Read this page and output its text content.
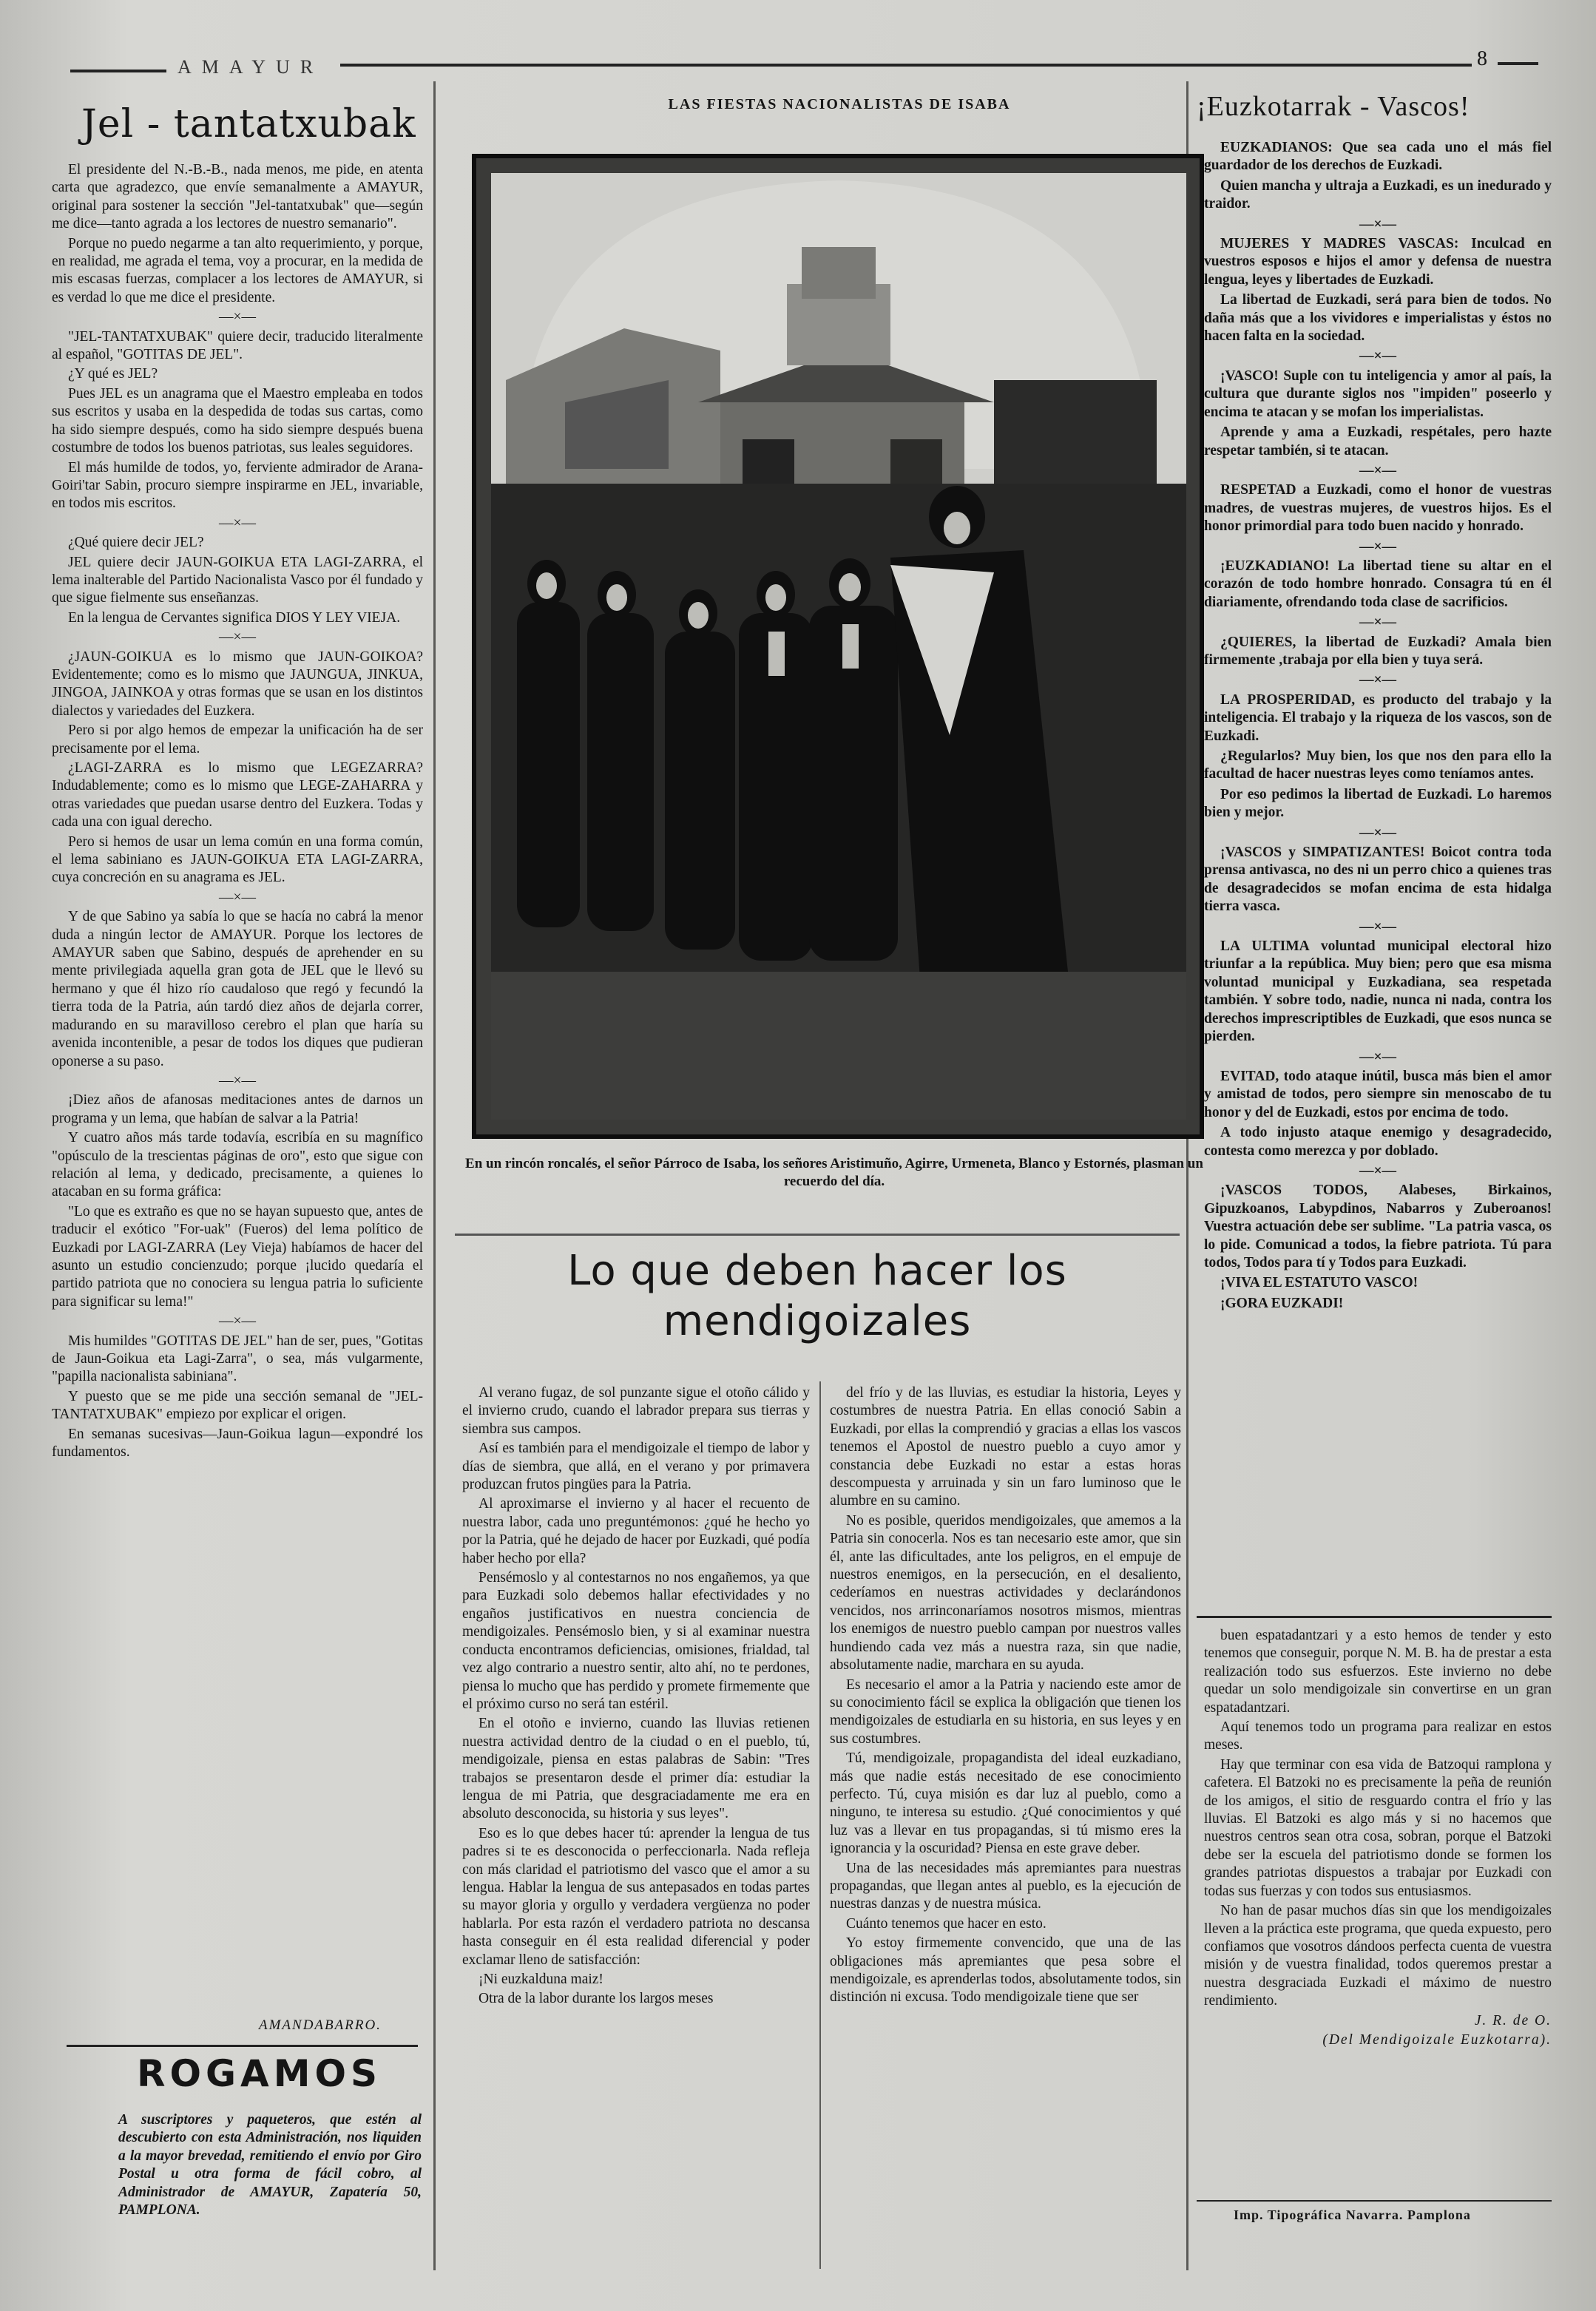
AMAYUR	8
Jel - tantatxubak

El presidente del N.-B.-B., nada menos, me pide, en atenta carta que agradezco, que envíe semanalmente a AMAYUR, original para sostener la sección "Jel-tantatxubak" que—según me dice—tanto agrada a los lectores de nuestro semanario".

Porque no puedo negarme a tan alto requerimiento, y porque, en realidad, me agrada el tema, voy a procurar, en la medida de mis escasas fuerzas, complacer a los lectores de AMAYUR, si es verdad lo que me dice el presidente.

—×—

"JEL-TANTATXUBAK" quiere decir, traducido literalmente al español, "GOTITAS DE JEL".

¿Y qué es JEL?

Pues JEL es un anagrama que el Maestro empleaba en todos sus escritos y usaba en la despedida de todas sus cartas, como ha sido siempre después, como ha sido siempre después buena costumbre de todos los buenos patriotas, sus leales seguidores.

El más humilde de todos, yo, ferviente admirador de Arana-Goiri'tar Sabin, procuro siempre inspirarme en JEL, invariable, en todos mis escritos.

—×—

¿Qué quiere decir JEL?

JEL quiere decir JAUN-GOIKUA ETA LAGI-ZARRA, el lema inalterable del Partido Nacionalista Vasco por él fundado y que sigue fielmente sus enseñanzas.

En la lengua de Cervantes significa DIOS Y LEY VIEJA.

—×—

¿JAUN-GOIKUA es lo mismo que JAUN-GOIKOA? Evidentemente; como es lo mismo que JAUNGUA, JINKUA, JINGOA, JAINKOA y otras formas que se usan en los distintos dialectos y variedades del Euzkera.

Pero si por algo hemos de empezar la unificación ha de ser precisamente por el lema.

¿LAGI-ZARRA es lo mismo que LEGEZARRA? Indudablemente; como es lo mismo que LEGE-ZAHARRA y otras variedades que puedan usarse dentro del Euzkera. Todas y cada una con igual derecho.

Pero si hemos de usar un lema común en una forma común, el lema sabiniano es JAUN-GOIKUA ETA LAGI-ZARRA, cuya concreción en su anagrama es JEL.

—×—

Y de que Sabino ya sabía lo que se hacía no cabrá la menor duda a ningún lector de AMAYUR. Porque los lectores de AMAYUR saben que Sabino, después de aprehender en su mente privilegiada aquella gran gota de JEL que le llevó su hermano y que él hizo río caudaloso que regó y fecundó la tierra toda de la Patria, aún tardó diez años de dejarla correr, madurando en su maravilloso cerebro el plan que haría su avenida incontenible, a pesar de todos los diques que pudieran oponerse a su paso.

—×—

¡Diez años de afanosas meditaciones antes de darnos un programa y un lema, que habían de salvar a la Patria!

Y cuatro años más tarde todavía, escribía en su magnífico "opúsculo de la trescientas páginas de oro", esto que sigue con relación al lema, y dedicado, precisamente, a quienes lo atacaban en su forma gráfica:

"Lo que es extraño es que no se hayan supuesto que, antes de traducir el exótico "For-uak" (Fueros) del lema político de Euzkadi por LAGI-ZARRA (Ley Vieja) habíamos de hacer del asunto un estudio concienzudo; porque ¡lucido quedaría el partido patriota que no conociera su lengua patria lo suficiente para significar su lema!"

—×—

Mis humildes "GOTITAS DE JEL" han de ser, pues, "Gotitas de Jaun-Goikua eta Lagi-Zarra", o sea, más vulgarmente, "papilla nacionalista sabiniana".

Y puesto que se me pide una sección semanal de "JEL-TANTATXUBAK" empiezo por explicar el origen.

En semanas sucesivas—Jaun-Goikua lagun—expondré los fundamentos.

AMANDABARRO.
ROGAMOS
A suscriptores y paqueteros, que estén al descubierto con esta Administración, nos liquiden a la mayor brevedad, remitiendo el envío por Giro Postal u otra forma de fácil cobro, al Administrador de AMAYUR, Zapatería 50, PAMPLONA.
LAS FIESTAS NACIONALISTAS DE ISABA
En un rincón roncalés, el señor Párroco de Isaba, los señores Aristimuño, Agirre, Urmeneta, Blanco y Estornés, plasman un recuerdo del día.
Lo que deben hacer los mendigoizales

Al verano fugaz, de sol punzante sigue el otoño cálido y el invierno crudo, cuando el labrador prepara sus tierras y siembra sus campos.

Así es también para el mendigoizale el tiempo de labor y días de siembra, que allá, en el verano y por primavera produzcan frutos pingües para la Patria.

Al aproximarse el invierno y al hacer el recuento de nuestra labor, cada uno preguntémonos: ¿qué he hecho yo por la Patria, qué he dejado de hacer por Euzkadi, qué podía haber hecho por ella?

Pensémoslo y al contestarnos no nos engañemos, ya que para Euzkadi solo debemos hallar efectividades y no engaños justificativos en nuestra conciencia de mendigoizales. Pensémoslo bien, y si al examinar nuestra conducta encontramos deficiencias, omisiones, frialdad, tal vez algo contrario a nuestro sentir, alto ahí, no te perdones, piensa lo mucho que has perdido y promete firmemente que el próximo curso no será tan estéril.

En el otoño e invierno, cuando las lluvias retienen nuestra actividad dentro de la ciudad o en el pueblo, tú, mendigoizale, piensa en estas palabras de Sabin: "Tres trabajos se presentaron desde el primer día: estudiar la lengua de mi Patria, que desgraciadamente me era en absoluto desconocida, su historia y sus leyes".

Eso es lo que debes hacer tú: aprender la lengua de tus padres si te es desconocida o perfeccionarla. Nada refleja con más claridad el patriotismo del vasco que el amor a su lengua. Hablar la lengua de sus antepasados en todas partes su mayor gloria y orgullo y verdadera vergüenza no poder hablarla. Por esta razón el verdadero patriota no descansa hasta conseguir en él esta realidad diferencial y poder exclamar lleno de satisfacción:

¡Ni euzkaldunа maiz!

Otra de la labor durante los largos meses

del frío y de las lluvias, es estudiar la historia, Leyes y costumbres de nuestra Patria. En ellas conoció Sabin a Euzkadi, por ellas la comprendió y gracias a ellas los vascos tenemos el Apostol de nuestro pueblo a cuyo amor y constancia debe Euzkadi no estar a estas horas descompuesta y arruinada y sin un faro luminoso que le alumbre en su camino.

No es posible, queridos mendigoizales, que amemos a la Patria sin conocerla. Nos es tan necesario este amor, que sin él, ante las dificultades, ante los peligros, en el empuje de nuestros enemigos, en la persecución, en el desaliento, cederíamos en nuestras actividades y declarándonos vencidos, nos arrinconaríamos nosotros mismos, mientras los enemigos de nuestro pueblo campan por nuestros valles hundiendo cada vez más a nuestra raza, sin que nadie, absolutamente nadie, marchara en su ayuda.

Es necesario el amor a la Patria y naciendo este amor de su conocimiento fácil se explica la obligación que tienen los mendigoizales de estudiarla en su historia, en sus leyes y en sus costumbres.

Tú, mendigoizale, propagandista del ideal euzkadiano, más que nadie estás necesitado de ese conocimiento perfecto. Tú, cuya misión es dar luz al pueblo, como a ninguno, te interesa su estudio. ¿Qué conocimientos y qué luz vas a llevar en tus propagandas, si tú mismo eres la ignorancia y la oscuridad? Piensa en este grave deber.

Una de las necesidades más apremiantes para nuestras propagandas, que llegan antes al pueblo, es la ejecución de nuestras danzas y de nuestra música.

Cuánto tenemos que hacer en esto.

Yo estoy firmemente convencido, que una de las obligaciones más apremiantes que pesa sobre el mendigoizale, es aprenderlas todos, absolutamente todos, sin distinción ni excusa. Todo mendigoizale tiene que ser

¡Euzkotarrak - Vascos!

EUZKADIANOS: Que sea cada uno el más fiel guardador de los derechos de Euzkadi.

Quien mancha y ultraja a Euzkadi, es un inedurado y traidor.

—×—

MUJERES Y MADRES VASCAS: Inculcad en vuestros esposos e hijos el amor y defensa de nuestra lengua, leyes y libertades de Euzkadi.

La libertad de Euzkadi, será para bien de todos. No daña más que a los vividores e imperialistas y éstos no hacen falta en la sociedad.

—×—

¡VASCO! Suple con tu inteligencia y amor al país, la cultura que durante siglos nos "impiden" poseerlo y encima te atacan y se mofan los imperialistas.

Aprende y ama a Euzkadi, respétales, pero hazte respetar también, si te atacan.

—×—

RESPETAD a Euzkadi, como el honor de vuestras madres, de vuestras mujeres, de vuestros hijos. Es el honor primordial para todo buen nacido y honrado.

—×—

¡EUZKADIANO! La libertad tiene su altar en el corazón de todo hombre honrado. Consagra tú en él diariamente, ofrendando toda clase de sacrificios.

—×—

¿QUIERES, la libertad de Euzkadi? Amala bien firmemente ,trabaja por ella bien y tuya será.

—×—

LA PROSPERIDAD, es producto del trabajo y la inteligencia. El trabajo y la riqueza de los vascos, son de Euzkadi.

¿Regularlos? Muy bien, los que nos den para ello la facultad de hacer nuestras leyes como teníamos antes.

Por eso pedimos la libertad de Euzkadi. Lo haremos bien y mejor.

—×—

¡VASCOS y SIMPATIZANTES! Boicot contra toda prensa antivasca, no des ni un perro chico a quienes tras de desagradecidos se mofan encima de esta hidalga tierra vasca.

—×—

LA ULTIMA voluntad municipal electoral hizo triunfar a la república. Muy bien; pero que esa misma voluntad municipal y Euzkadiana, sea respetada también. Y sobre todo, nadie, nunca ni nada, contra los derechos imprescriptibles de Euzkadi, que esos nunca se pierden.

—×—

EVITAD, todo ataque inútil, busca más bien el amor y amistad de todos, pero siempre sin menoscabo de tu honor y del de Euzkadi, estos por encima de todo.

A todo injusto ataque enemigo y desagradecido, contesta como merezca y por doblado.

—×—

¡VASCOS TODOS, Alabeses, Birkainos, Gipuzkoanos, Labурdinos, Nabarros y Zuberoanos! Vuestra actuación debe ser sublime. "La patria vasca, os lo pide. Comunicad a todos, la fiebre patriota. Tú para todos, Todos para tí y Todos para Euzkadi.

¡VIVA EL ESTATUTO VASCO!

¡GORA EUZKADI!

buen espatadantzari y a esto hemos de tender y esto tenemos que conseguir, porque N. M. B. ha de prestar a esta realización todo sus esfuerzos. Este invierno no debe quedar un solo mendigoizale sin convertirse en un gran espatadantzari.

Aquí tenemos todo un programa para realizar en estos meses.

Hay que terminar con esa vida de Batzoqui ramplona y cafetera. El Batzoki no es precisamente la peña de reunión de los amigos, el sitio de resguardo contra el frío y las lluvias. El Batzoki es algo más y si no hacemos que nuestros centros sean otra cosa, sobran, porque el Batzoki debe ser la escuela del patriotismo donde se formen los grandes patriotas dispuestos a trabajar por Euzkadi con todas sus fuerzas y con todos sus entusiasmos.

No han de pasar muchos días sin que los mendigoizales lleven a la práctica este programa, que queda expuesto, pero confiamos que vosotros dándoos perfecta cuenta de vuestra misión y de vuestra finalidad, todos queremos prestar a nuestra desgraciada Euzkadi el máximo de nuestro rendimiento.

J. R. de O.

(Del Mendigoizale Euzkotarra).

Imp. Tipográfica Navarra. Pamplona
